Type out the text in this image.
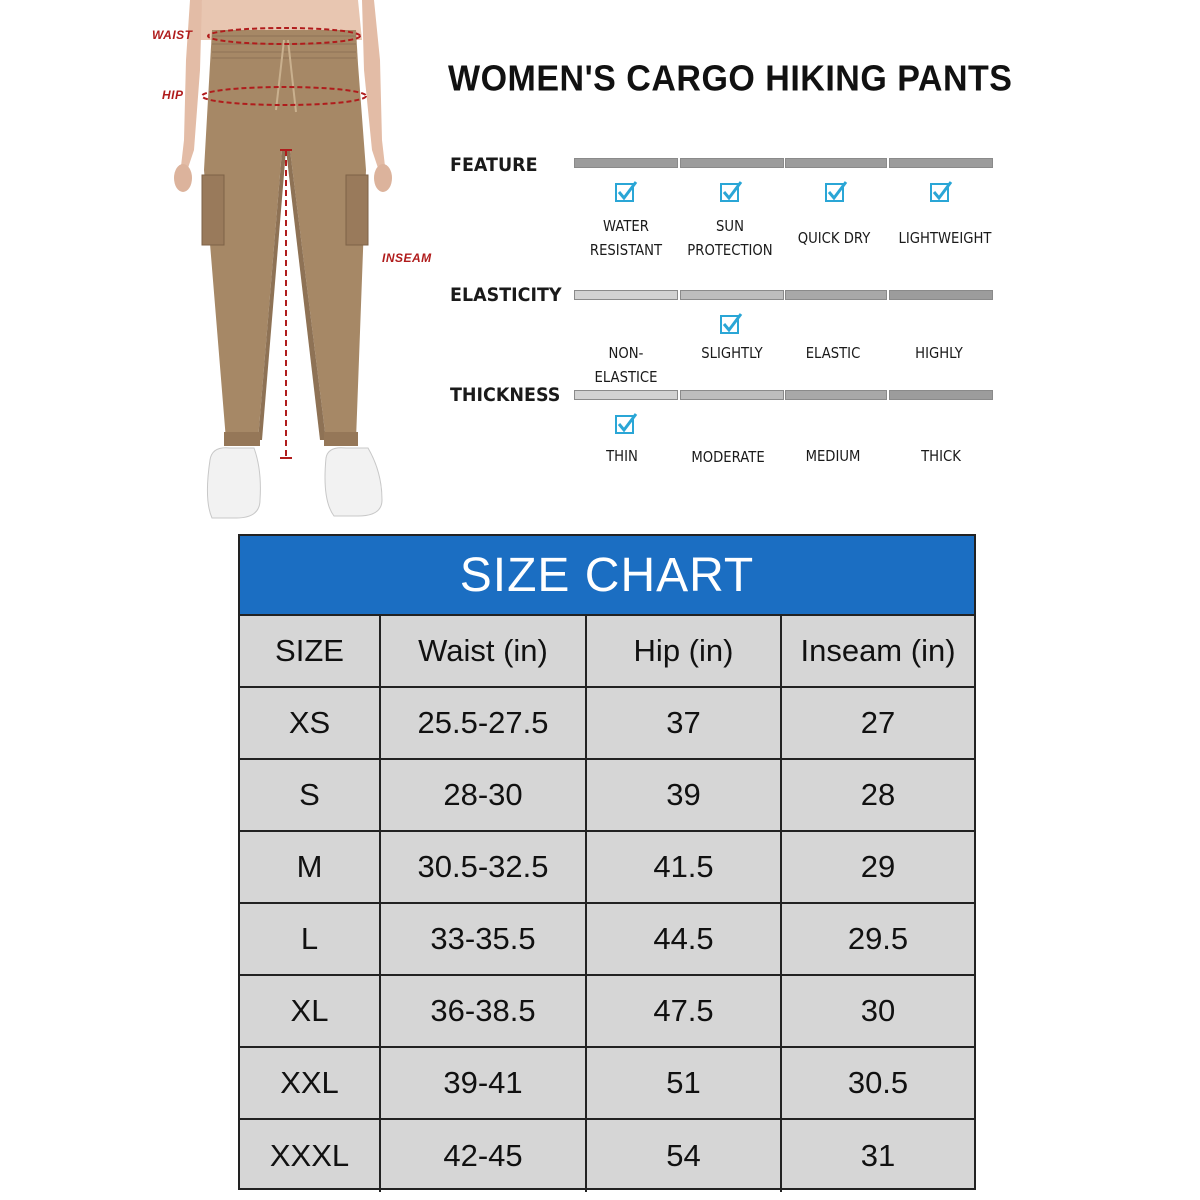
WAIST
HIP
INSEAM
WOMEN'S CARGO HIKING PANTS
FEATURE
WATER
RESISTANT
SUN
PROTECTION
QUICK DRY	LIGHTWEIGHT
ELASTICITY
NON-ELASTICE
SLIGHTLY	ELASTIC	HIGHLY
THICKNESS
THIN	MODERATE	MEDIUM	THICK
SIZE CHART
SIZE	Waist (in)	Hip (in)	Inseam (in)
XS	25.5-27.5	37	27
S	28-30	39	28
M	30.5-32.5	41.5	29
L	33-35.5	44.5	29.5
XL	36-38.5	47.5	30
XXL	39-41	51	30.5
XXXL	42-45	54	31
